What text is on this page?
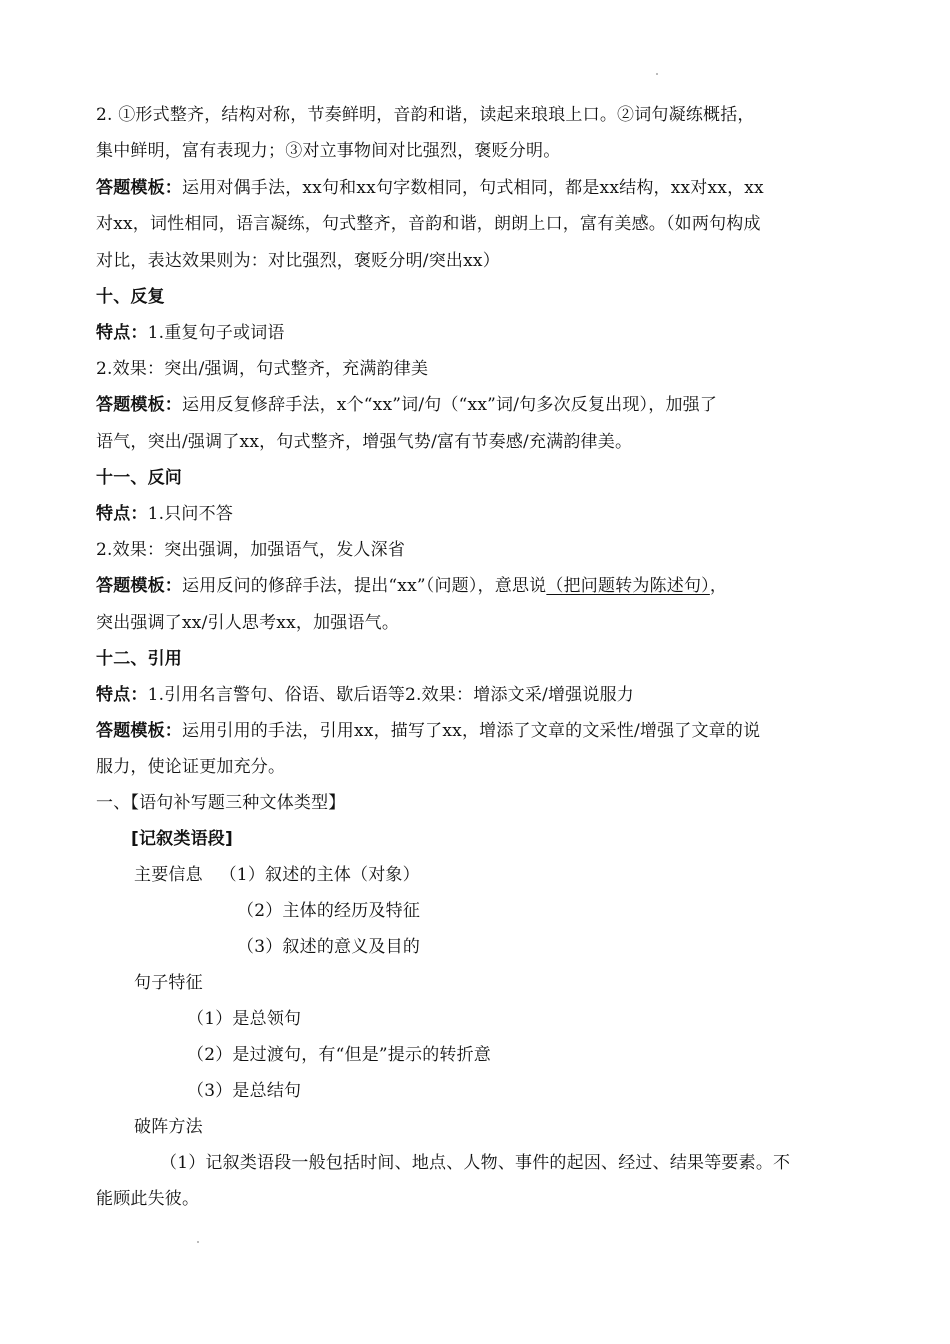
2. ①形式整齐，结构对称，节奏鲜明，音韵和谐，读起来琅琅上口。②词句凝练概括，
集中鲜明，富有表现力；③对立事物间对比强烈，褒贬分明。
答题模板：运用对偶手法，xx句和xx句字数相同，句式相同，都是xx结构，xx对xx，xx
对xx，词性相同，语言凝练，句式整齐，音韵和谐，朗朗上口，富有美感。（如两句构成
对比，表达效果则为：对比强烈，褒贬分明/突出xx）
十、反复
特点：1.重复句子或词语
2.效果：突出/强调，句式整齐，充满韵律美
答题模板：运用反复修辞手法，x个“xx”词/句（“xx”词/句多次反复出现），加强了
语气，突出/强调了xx，句式整齐，增强气势/富有节奏感/充满韵律美。
十一、反问
特点：1.只问不答
2.效果：突出强调，加强语气，发人深省
答题模板：运用反问的修辞手法，提出“xx”（问题），意思说（把问题转为陈述句），
突出强调了xx/引人思考xx，加强语气。
十二、引用
特点：1.引用名言警句、俗语、歇后语等2.效果：增添文采/增强说服力
答题模板：运用引用的手法，引用xx，描写了xx，增添了文章的文采性/增强了文章的说
服力，使论证更加充分。
一、【语句补写题三种文体类型】
[记叙类语段]
主要信息   （1）叙述的主体（对象）
（2）主体的经历及特征
（3）叙述的意义及目的
句子特征
（1）是总领句
（2）是过渡句，有“但是”提示的转折意
（3）是总结句
破阵方法
（1）记叙类语段一般包括时间、地点、人物、事件的起因、经过、结果等要素。不
能顾此失彼。
